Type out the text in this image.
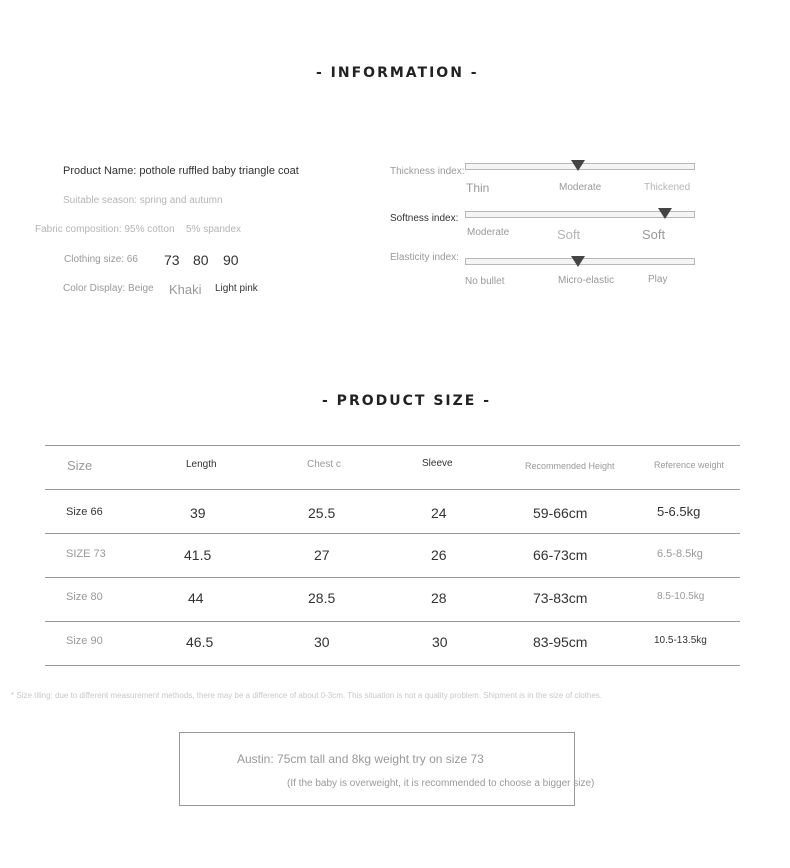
- INFORMATION -
Product Name: pothole ruffled baby triangle coat
Suitable season: spring and autumn
Fabric composition: 95% cotton 5% spandex
Clothing size: 66 73 80 90
Color Display: Beige Khaki Light pink
Thickness index:
Thin	Moderate	Thickened
Softness index:
Moderate	Soft	Soft
Elasticity index:
No bullet	Micro-elastic	Play
- PRODUCT SIZE -
Size	Length	Chest c	Sleeve	Recommended Height	Reference weight
Size 66	39	25.5	24	59-66cm	5-6.5kg
SIZE 73	41.5	27	26	66-73cm	6.5-8.5kg
Size 80	44	28.5	28	73-83cm	8.5-10.5kg
Size 90	46.5	30	30	83-95cm	10.5-13.5kg
* Size tiling: due to different measurement methods, there may be a difference of about 0-3cm. This situation is not a quality problem. Shipment is in the size of clothes.
Austin: 75cm tall and 8kg weight try on size 73
(If the baby is overweight, it is recommended to choose a bigger size)
